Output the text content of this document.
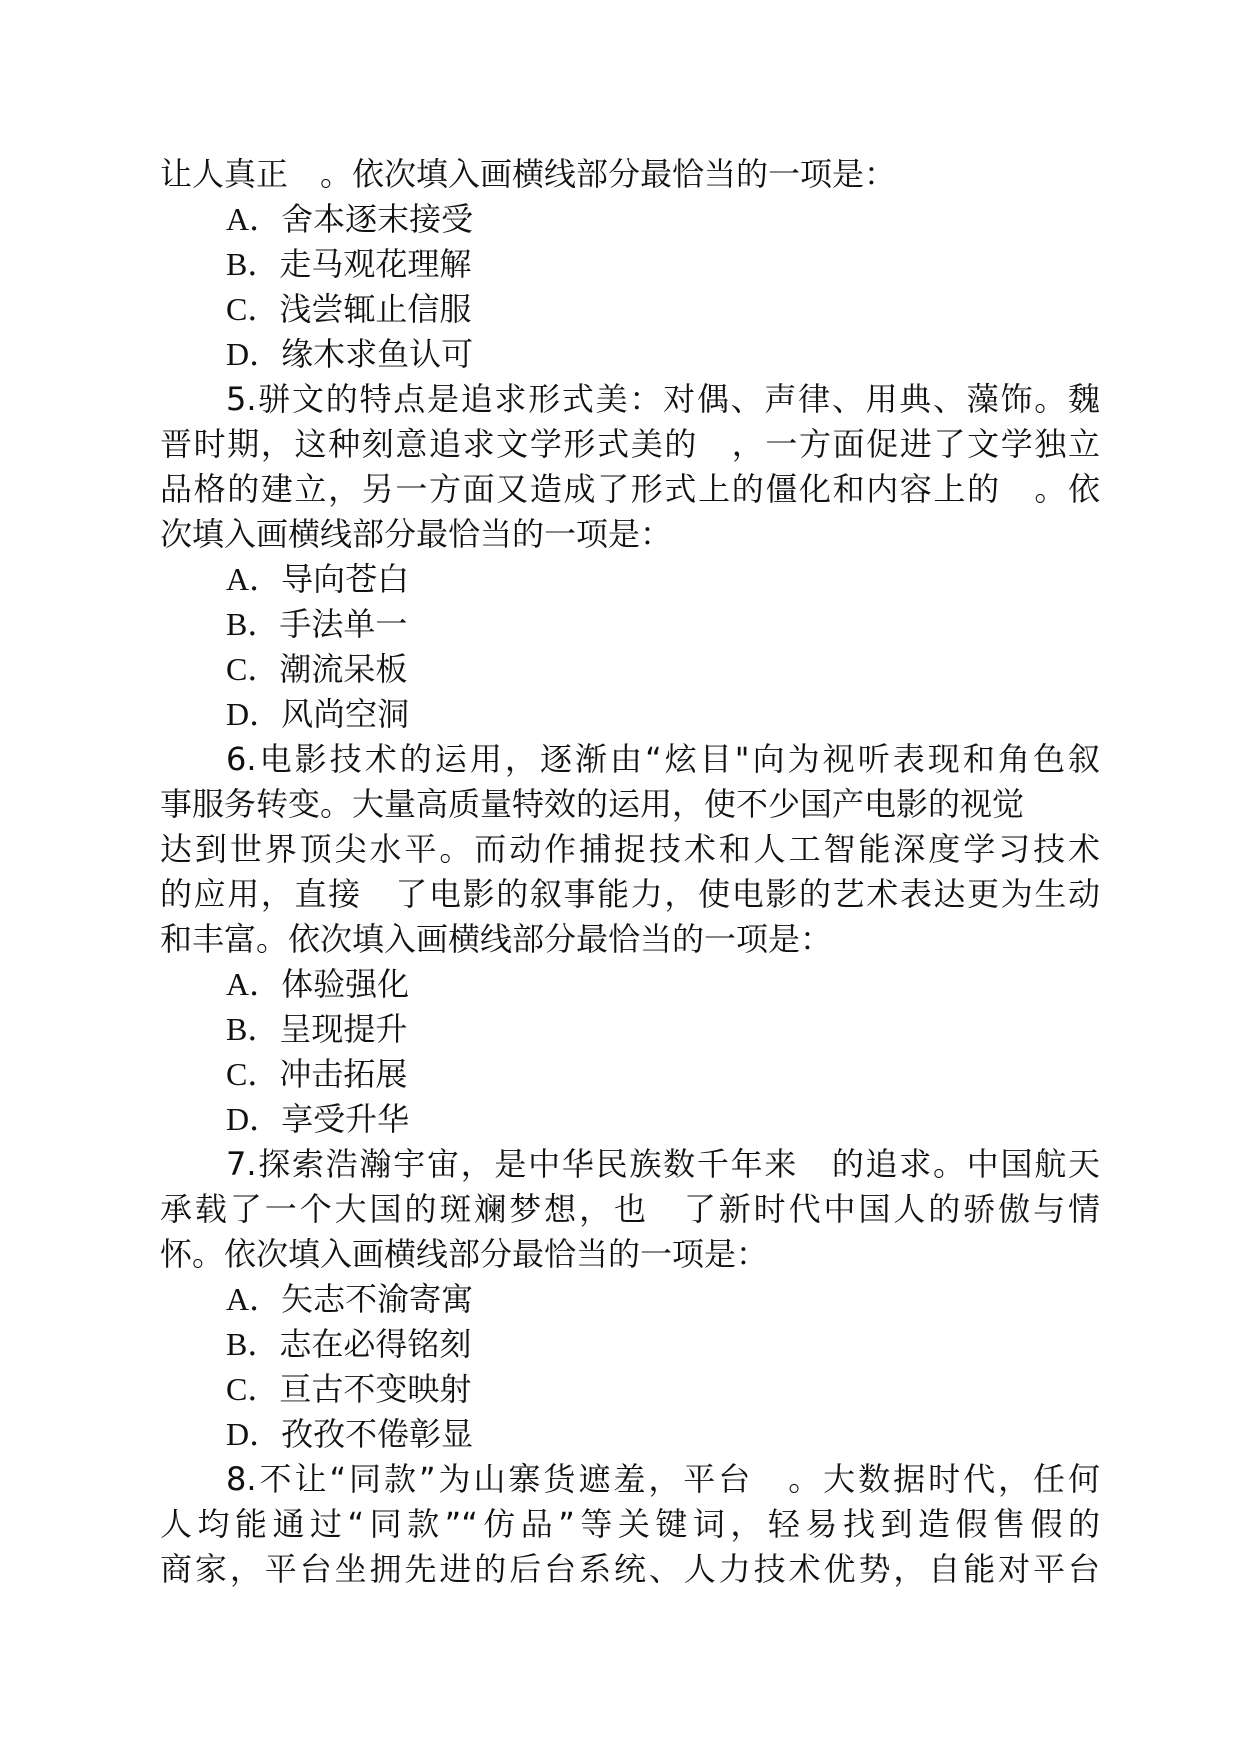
让人真正　。依次填入画横线部分最恰当的一项是：
A．舍本逐末接受
B．走马观花理解
C．浅尝辄止信服
D．缘木求鱼认可
5.骈文的特点是追求形式美：对偶、声律、用典、藻饰。魏
晋时期，这种刻意追求文学形式美的　，一方面促进了文学独立
品格的建立，另一方面又造成了形式上的僵化和内容上的　。依
次填入画横线部分最恰当的一项是：
A．导向苍白
B．手法单一
C．潮流呆板
D．风尚空洞
6.电影技术的运用，逐渐由“炫目"向为视听表现和角色叙
事服务转变。大量高质量特效的运用，使不少国产电影的视觉
达到世界顶尖水平。而动作捕捉技术和人工智能深度学习技术
的应用，直接　了电影的叙事能力，使电影的艺术表达更为生动
和丰富。依次填入画横线部分最恰当的一项是：
A．体验强化
B．呈现提升
C．冲击拓展
D．享受升华
7.探索浩瀚宇宙，是中华民族数千年来　的追求。中国航天
承载了一个大国的斑斓梦想，也　了新时代中国人的骄傲与情
怀。依次填入画横线部分最恰当的一项是：
A．矢志不渝寄寓
B．志在必得铭刻
C．亘古不变映射
D．孜孜不倦彰显
8.不让“同款”为山寨货遮羞，平台　。大数据时代，任何
人均能通过“同款”“仿品”等关键词，轻易找到造假售假的
商家，平台坐拥先进的后台系统、人力技术优势，自能对平台
